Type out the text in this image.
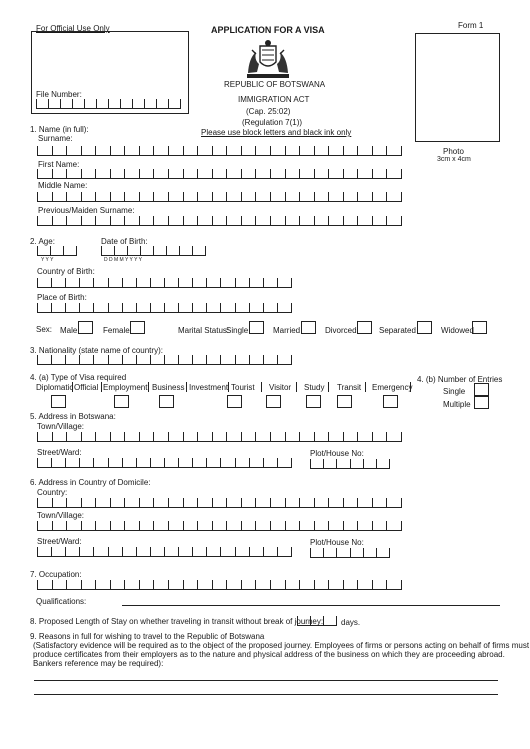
For Official Use Only
File Number:
APPLICATION FOR A VISA	Form 1
REPUBLIC OF BOTSWANA
IMMIGRATION ACT
(Cap. 25:02)
(Regulation 7(1))
Please use block letters and black ink only
Photo
3cm x 4cm
1. Name (in full):
Surname:
First Name:
Middle Name:
Previous/Maiden Surname:
2. Age:
Y Y Y
Date of Birth:
D D M M Y Y Y Y
Country of Birth:
Place of Birth:
Sex: Male	Female	Marital Status:
Single	Married	Divorced	Separated	Widowed
3. Nationality (state name of country):
4. (a) Type of Visa required
Diplomatic Official Employment Business Investment Tourist Visitor Study Transit Emergency
4. (b) Number of Entries
Single
Multiple
5. Address in Botswana:
Town/Village:
Street/Ward:	Plot/House No:
6. Address in Country of Domicile:
Country:
Town/Village:
Street/Ward:	Plot/House No:
7. Occupation:
Qualifications:
8. Proposed Length of Stay on whether traveling in transit without break of journey: days.
9. Reasons in full for wishing to travel to the Republic of Botswana
(Satisfactory evidence will be required as to the object of the proposed journey. Employees of firms or persons acting on behalf of firms must
produce certificates from their employers as to the nature and physical address of the business on which they are proceeding abroad.
Bankers reference may be required):
